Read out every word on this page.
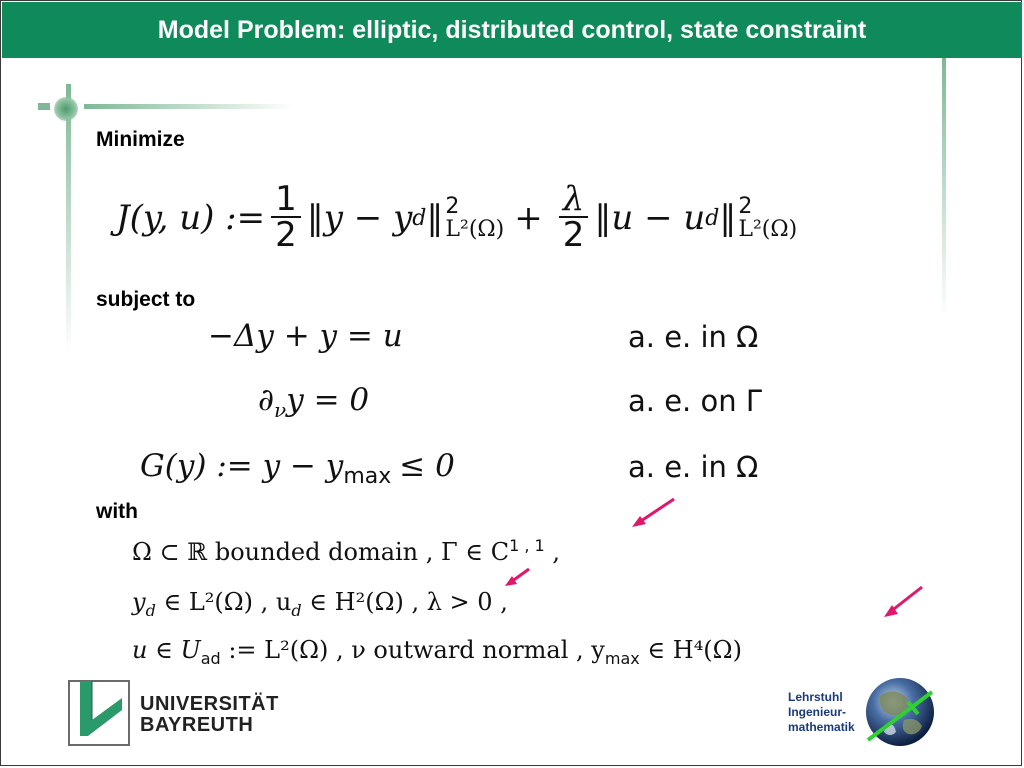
Model Problem: elliptic, distributed control, state constraint
Minimize
J(y, u) := $\frac{1}{2}$ ‖y − y d ‖ 2
$L^2(\Omega) + \frac{\lambda}{2}$ ‖u − u d ‖ 2
L²(Ω)
subject to
−Δy + y = u	a. e. in Ω
$\partial_\nu y = 0$	a. e. on Γ
G(y) := $y - y_{max} \le 0$	a. e. in Ω
with
Ω ⊂ ℝ bounded domain , Γ ∈ C$^{1 , 1}$ ,
$y_d$ ∈ L²(Ω) , $u_d$ ∈ H²(Ω) , λ > 0 ,
u ∈ $U_{ad}$ := L²(Ω) , ν outward normal , $y_{max}$ ∈ H⁴(Ω)
UNIVERSITÄT
BAYREUTH
Lehrstuhl
Ingenieur-
mathematik
